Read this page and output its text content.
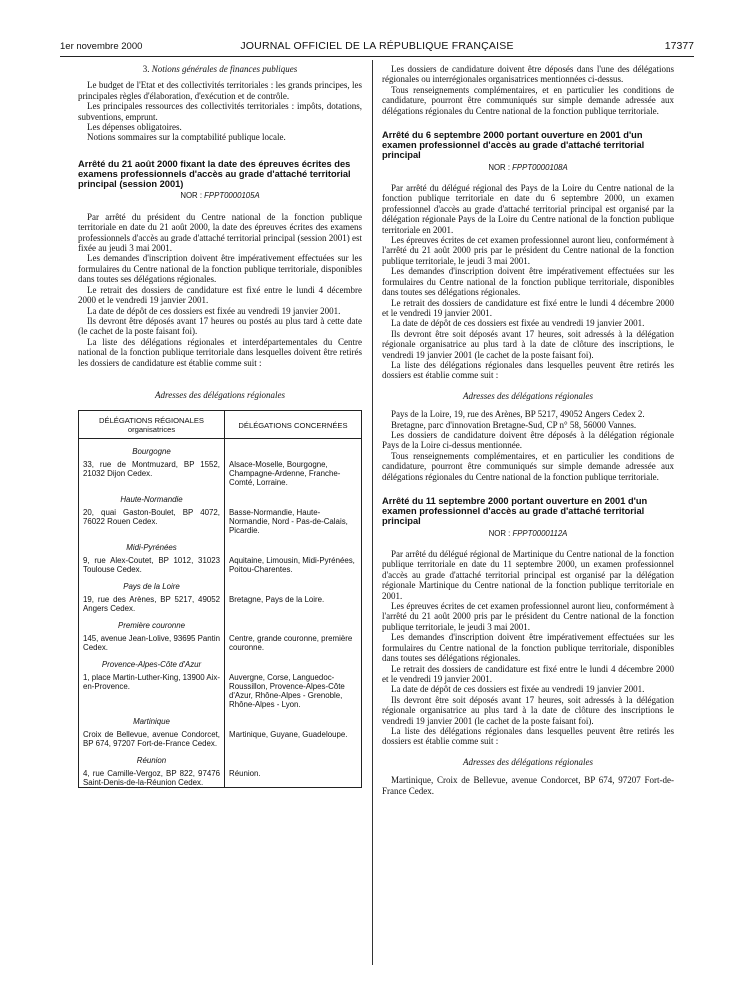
1er novembre 2000	JOURNAL OFFICIEL DE LA RÉPUBLIQUE FRANÇAISE	17377

3. Notions générales de finances publiques

Le budget de l'Etat et des collectivités territoriales : les grands principes, les principales règles d'élaboration, d'exécution et de contrôle.

Les principales ressources des collectivités territoriales : impôts, dotations, subventions, emprunt.

Les dépenses obligatoires.

Notions sommaires sur la comptabilité publique locale.

Arrêté du 21 août 2000 fixant la date des épreuves écrites des examens professionnels d'accès au grade d'attaché territorial principal (session 2001)

NOR : FPPT0000105A

Par arrêté du président du Centre national de la fonction publique territoriale en date du 21 août 2000, la date des épreuves écrites des examens professionnels d'accès au grade d'attaché territorial principal (session 2001) est fixée au jeudi 3 mai 2001.

Les demandes d'inscription doivent être impérativement effectuées sur les formulaires du Centre national de la fonction publique territoriale, disponibles dans toutes ses délégations régionales.

Le retrait des dossiers de candidature est fixé entre le lundi 4 décembre 2000 et le vendredi 19 janvier 2001.

La date de dépôt de ces dossiers est fixée au vendredi 19 janvier 2001.

Ils devront être déposés avant 17 heures ou postés au plus tard à cette date (le cachet de la poste faisant foi).

La liste des délégations régionales et interdépartementales du Centre national de la fonction publique territoriale dans lesquelles doivent être retirés les dossiers de candidature est établie comme suit :

Adresses des délégations régionales

DÉLÉGATIONS RÉGIONALES
organisatrices	DÉLÉGATIONS CONCERNÉES

Bourgogne
33, rue de Montmuzard, BP 1552, 21032 Dijon Cedex.	Alsace-Moselle, Bourgogne, Champagne-Ardenne, Franche-Comté, Lorraine.

Haute-Normandie
20, quai Gaston-Boulet, BP 4072, 76022 Rouen Cedex.	Basse-Normandie, Haute-Normandie, Nord - Pas-de-Calais, Picardie.

Midi-Pyrénées
9, rue Alex-Coutet, BP 1012, 31023 Toulouse Cedex.	Aquitaine, Limousin, Midi-Pyrénées, Poitou-Charentes.

Pays de la Loire
19, rue des Arènes, BP 5217, 49052 Angers Cedex.	Bretagne, Pays de la Loire.

Première couronne
145, avenue Jean-Lolive, 93695 Pantin Cedex.	Centre, grande couronne, première couronne.

Provence-Alpes-Côte d'Azur
1, place Martin-Luther-King, 13900 Aix-en-Provence.	Auvergne, Corse, Languedoc-Roussillon, Provence-Alpes-Côte d'Azur, Rhône-Alpes - Grenoble, Rhône-Alpes - Lyon.

Martinique
Croix de Bellevue, avenue Condorcet, BP 674, 97207 Fort-de-France Cedex.	Martinique, Guyane, Guadeloupe.

Réunion
4, rue Camille-Vergoz, BP 822, 97476 Saint-Denis-de-la-Réunion Cedex.	Réunion.

Les dossiers de candidature doivent être déposés dans l'une des délégations régionales ou interrégionales organisatrices mentionnées ci-dessus.

Tous renseignements complémentaires, et en particulier les conditions de candidature, pourront être communiqués sur simple demande adressée aux délégations régionales du Centre national de la fonction publique territoriale.

Arrêté du 6 septembre 2000 portant ouverture en 2001 d'un examen professionnel d'accès au grade d'attaché territorial principal

NOR : FPPT0000108A

Par arrêté du délégué régional des Pays de la Loire du Centre national de la fonction publique territoriale en date du 6 septembre 2000, un examen professionnel d'accès au grade d'attaché territorial principal est organisé par la délégation régionale Pays de la Loire du Centre national de la fonction publique territoriale en 2001.

Les épreuves écrites de cet examen professionnel auront lieu, conformément à l'arrêté du 21 août 2000 pris par le président du Centre national de la fonction publique territoriale, le jeudi 3 mai 2001.

Les demandes d'inscription doivent être impérativement effectuées sur les formulaires du Centre national de la fonction publique territoriale, disponibles dans toutes ses délégations régionales.

Le retrait des dossiers de candidature est fixé entre le lundi 4 décembre 2000 et le vendredi 19 janvier 2001.

La date de dépôt de ces dossiers est fixée au vendredi 19 janvier 2001.

Ils devront être soit déposés avant 17 heures, soit adressés à la délégation régionale organisatrice au plus tard à la date de clôture des inscriptions, le vendredi 19 janvier 2001 (le cachet de la poste faisant foi).

La liste des délégations régionales dans lesquelles peuvent être retirés les dossiers est établie comme suit :

Adresses des délégations régionales

Pays de la Loire, 19, rue des Arènes, BP 5217, 49052 Angers Cedex 2.

Bretagne, parc d'innovation Bretagne-Sud, CP n° 58, 56000 Vannes.

Les dossiers de candidature doivent être déposés à la délégation régionale Pays de la Loire ci-dessus mentionnée.

Tous renseignements complémentaires, et en particulier les conditions de candidature, pourront être communiqués sur simple demande adressée aux délégations régionales du Centre national de la fonction publique territoriale.

Arrêté du 11 septembre 2000 portant ouverture en 2001 d'un examen professionnel d'accès au grade d'attaché territorial principal

NOR : FPPT0000112A

Par arrêté du délégué régional de Martinique du Centre national de la fonction publique territoriale en date du 11 septembre 2000, un examen professionnel d'accès au grade d'attaché territorial principal est organisé par la délégation régionale Martinique du Centre national de la fonction publique territoriale en 2001.

Les épreuves écrites de cet examen professionnel auront lieu, conformément à l'arrêté du 21 août 2000 pris par le président du Centre national de la fonction publique territoriale, le jeudi 3 mai 2001.

Les demandes d'inscription doivent être impérativement effectuées sur les formulaires du Centre national de la fonction publique territoriale, disponibles dans toutes ses délégations régionales.

Le retrait des dossiers de candidature est fixé entre le lundi 4 décembre 2000 et le vendredi 19 janvier 2001.

La date de dépôt de ces dossiers est fixée au vendredi 19 janvier 2001.

Ils devront être soit déposés avant 17 heures, soit adressés à la délégation régionale organisatrice au plus tard à la date de clôture des inscriptions le vendredi 19 janvier 2001 (le cachet de la poste faisant foi).

La liste des délégations régionales dans lesquelles peuvent être retirés les dossiers est établie comme suit :

Adresses des délégations régionales

Martinique, Croix de Bellevue, avenue Condorcet, BP 674, 97207 Fort-de-France Cedex.
